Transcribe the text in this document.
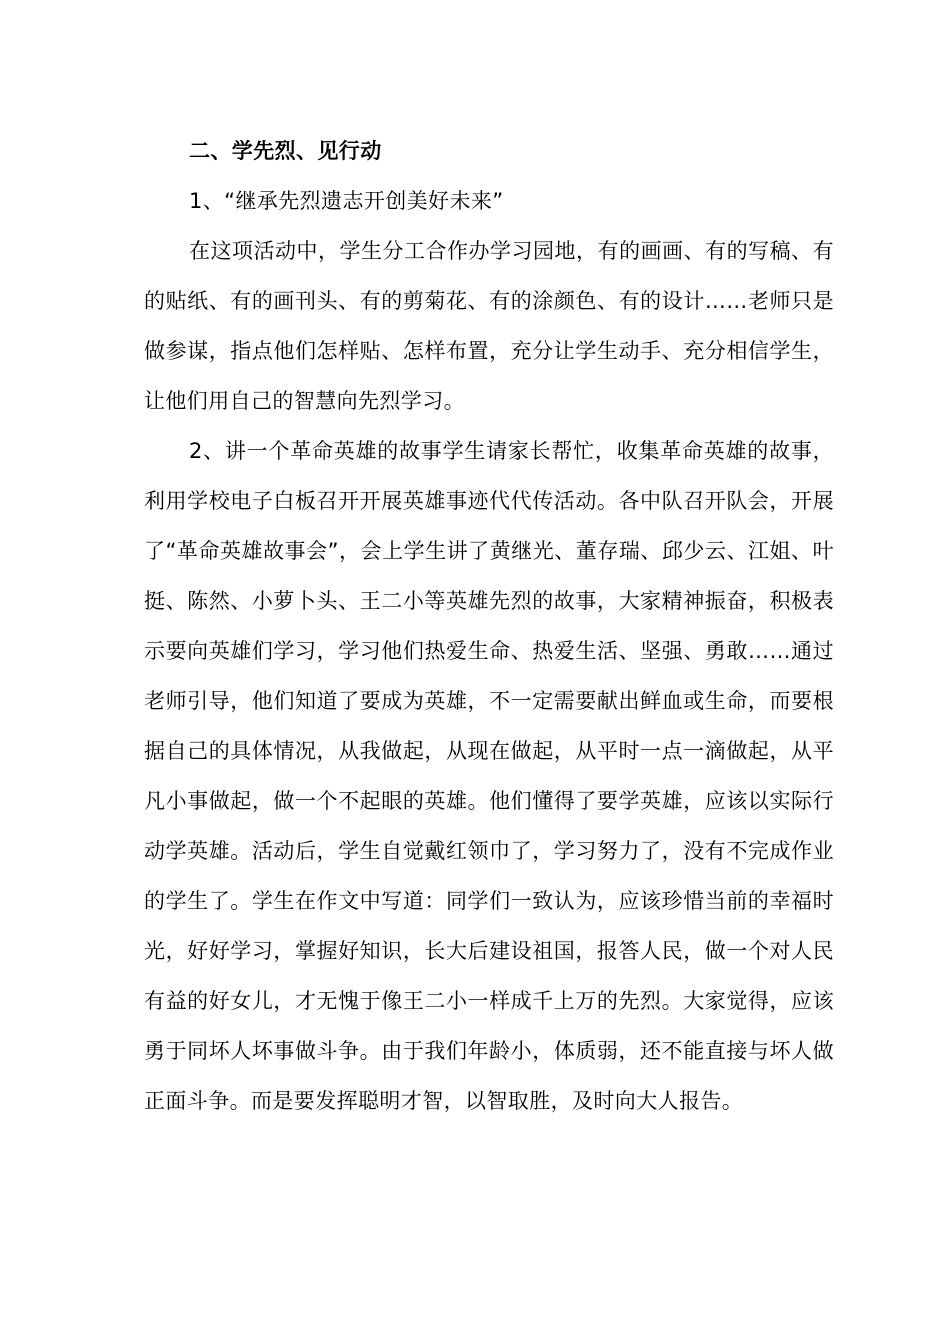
二、学先烈、见行动

1、“继承先烈遗志开创美好未来”

在这项活动中，学生分工合作办学习园地，有的画画、有的写稿、有的贴纸、有的画刊头、有的剪菊花、有的涂颜色、有的设计……老师只是做参谋，指点他们怎样贴、怎样布置，充分让学生动手、充分相信学生，让他们用自己的智慧向先烈学习。

2、讲一个革命英雄的故事学生请家长帮忙，收集革命英雄的故事，利用学校电子白板召开开展英雄事迹代代传活动。各中队召开队会，开展了“革命英雄故事会”，会上学生讲了黄继光、董存瑞、邱少云、江姐、叶挺、陈然、小萝卜头、王二小等英雄先烈的故事，大家精神振奋，积极表示要向英雄们学习，学习他们热爱生命、热爱生活、坚强、勇敢……通过老师引导，他们知道了要成为英雄，不一定需要献出鲜血或生命，而要根据自己的具体情况，从我做起，从现在做起，从平时一点一滴做起，从平凡小事做起，做一个不起眼的英雄。他们懂得了要学英雄，应该以实际行动学英雄。活动后，学生自觉戴红领巾了，学习努力了，没有不完成作业的学生了。学生在作文中写道：同学们一致认为，应该珍惜当前的幸福时光，好好学习，掌握好知识，长大后建设祖国，报答人民，做一个对人民有益的好女儿，才无愧于像王二小一样成千上万的先烈。大家觉得，应该勇于同坏人坏事做斗争。由于我们年龄小，体质弱，还不能直接与坏人做正面斗争。而是要发挥聪明才智，以智取胜，及时向大人报告。
